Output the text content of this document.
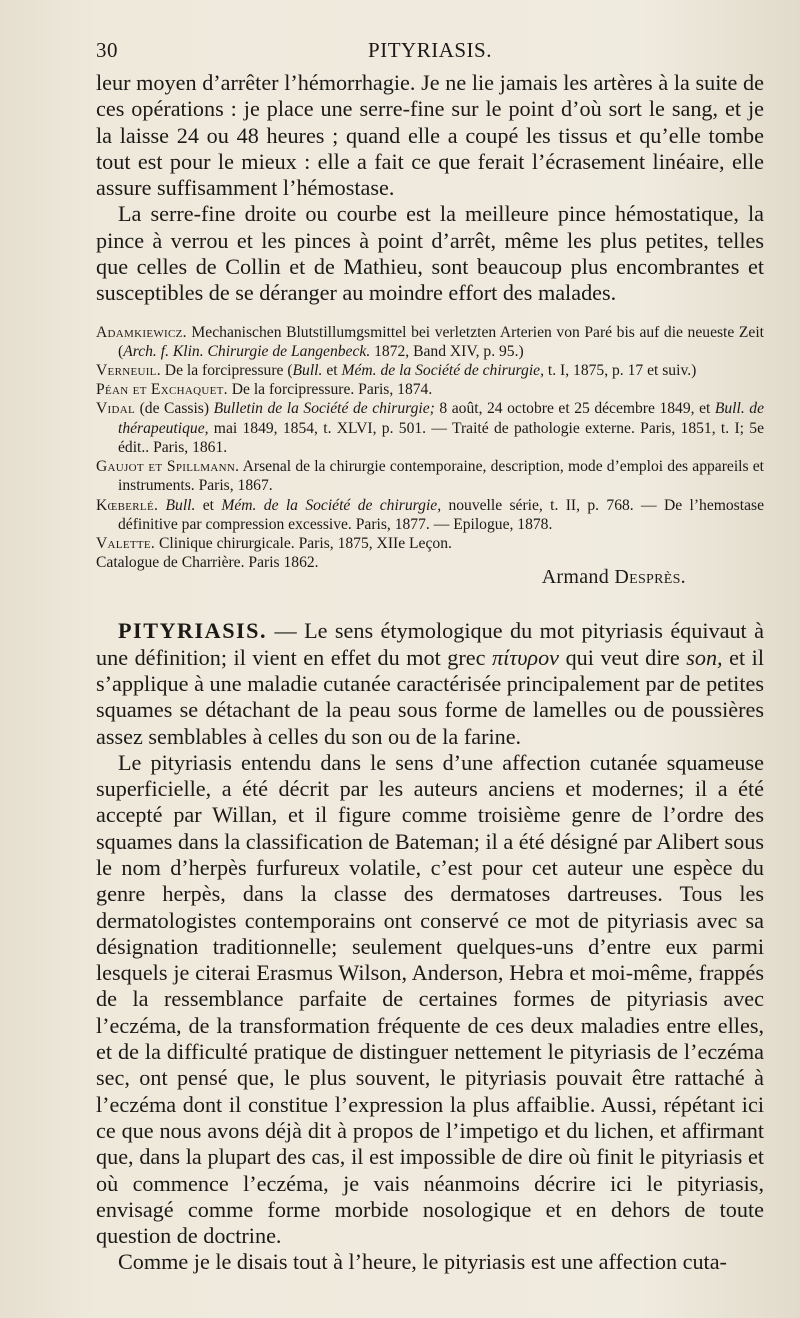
30	PITYRIASIS.

leur moyen d’arrêter l’hémorrhagie. Je ne lie jamais les artères à la suite de ces opérations : je place une serre-fine sur le point d’où sort le sang, et je la laisse 24 ou 48 heures ; quand elle a coupé les tissus et qu’elle tombe tout est pour le mieux : elle a fait ce que ferait l’écrasement linéaire, elle assure suffisamment l’hémostase.

La serre-fine droite ou courbe est la meilleure pince hémostatique, la pince à verrou et les pinces à point d’arrêt, même les plus petites, telles que celles de Collin et de Mathieu, sont beaucoup plus encombrantes et susceptibles de se déranger au moindre effort des malades.

Adamkiewicz. Mechanischen Blutstillumgsmittel bei verletzten Arterien von Paré bis auf die neueste Zeit (Arch. f. Klin. Chirurgie de Langenbeck. 1872, Band XIV, p. 95.)

Verneuil. De la forcipressure (Bull. et Mém. de la Société de chirurgie, t. I, 1875, p. 17 et suiv.)

Péan et Exchaquet. De la forcipressure. Paris, 1874.

Vidal (de Cassis) Bulletin de la Société de chirurgie; 8 août, 24 octobre et 25 décembre 1849, et Bull. de thérapeutique, mai 1849, 1854, t. XLVI, p. 501. — Traité de pathologie externe. Paris, 1851, t. I; 5e édit.. Paris, 1861.

Gaujot et Spillmann. Arsenal de la chirurgie contemporaine, description, mode d’emploi des appareils et instruments. Paris, 1867.

Kœberlé. Bull. et Mém. de la Société de chirurgie, nouvelle série, t. II, p. 768. — De l’hemostase définitive par compression excessive. Paris, 1877. — Epilogue, 1878.

Valette. Clinique chirurgicale. Paris, 1875, XIIe Leçon.

Catalogue de Charrière. Paris 1862.

Armand Desprès.

PITYRIASIS. — Le sens étymologique du mot pityriasis équivaut à une définition; il vient en effet du mot grec πίτυρον qui veut dire son, et il s’applique à une maladie cutanée caractérisée principalement par de petites squames se détachant de la peau sous forme de lamelles ou de poussières assez semblables à celles du son ou de la farine.

Le pityriasis entendu dans le sens d’une affection cutanée squameuse superficielle, a été décrit par les auteurs anciens et modernes; il a été accepté par Willan, et il figure comme troisième genre de l’ordre des squames dans la classification de Bateman; il a été désigné par Alibert sous le nom d’herpès furfureux volatile, c’est pour cet auteur une espèce du genre herpès, dans la classe des dermatoses dartreuses. Tous les dermatologistes contemporains ont conservé ce mot de pityriasis avec sa désignation traditionnelle; seulement quelques-uns d’entre eux parmi lesquels je citerai Erasmus Wilson, Anderson, Hebra et moi-même, frappés de la ressemblance parfaite de certaines formes de pityriasis avec l’eczéma, de la transformation fréquente de ces deux maladies entre elles, et de la difficulté pratique de distinguer nettement le pityriasis de l’eczéma sec, ont pensé que, le plus souvent, le pityriasis pouvait être rattaché à l’eczéma dont il constitue l’expression la plus affaiblie. Aussi, répétant ici ce que nous avons déjà dit à propos de l’impetigo et du lichen, et affirmant que, dans la plupart des cas, il est impossible de dire où finit le pityriasis et où commence l’eczéma, je vais néanmoins décrire ici le pityriasis, envisagé comme forme morbide nosologique et en dehors de toute question de doctrine.

Comme je le disais tout à l’heure, le pityriasis est une affection cuta-
